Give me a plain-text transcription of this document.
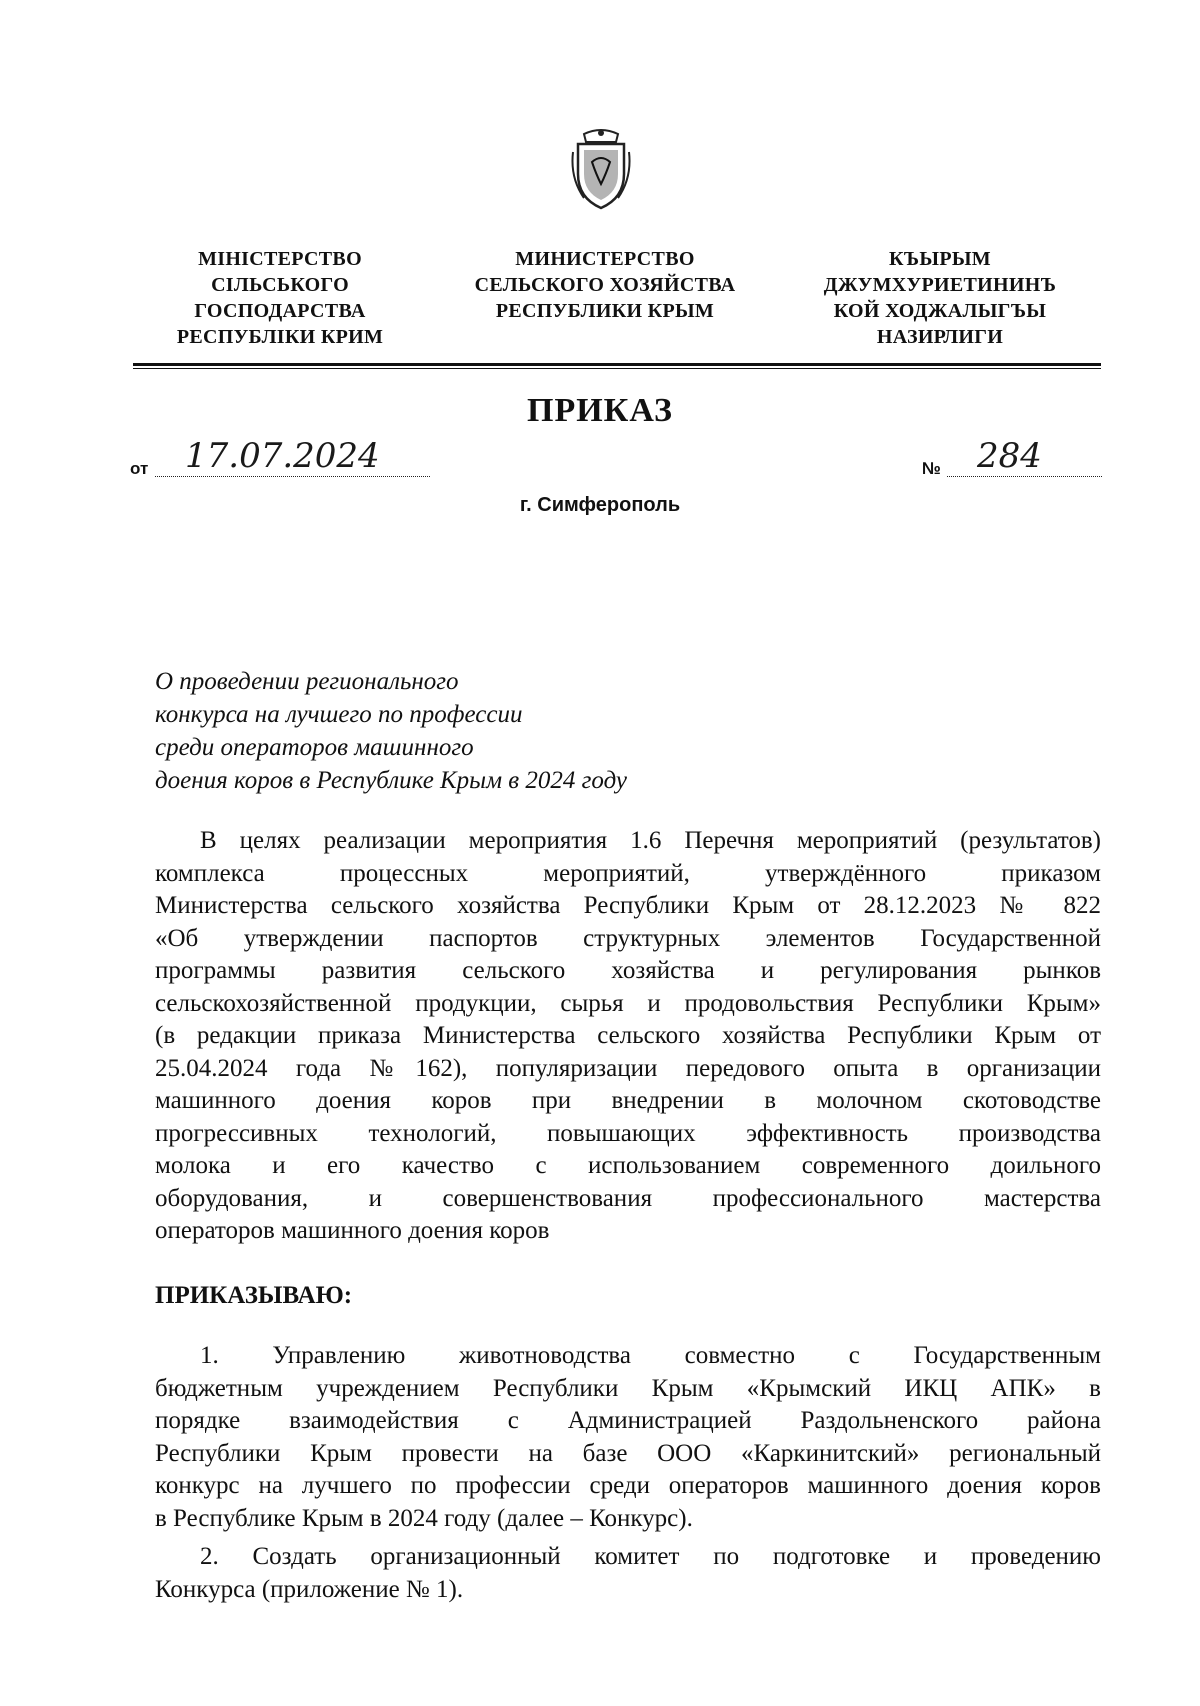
МІНІСТЕРСТВО
СІЛЬСЬКОГО
ГОСПОДАРСТВА
РЕСПУБЛІКИ КРИМ
МИНИСТЕРСТВО
СЕЛЬСКОГО ХОЗЯЙСТВА
РЕСПУБЛИКИ КРЫМ
КЪЫРЫМ
ДЖУМХУРИЕТИНИНЪ
КОЙ ХОДЖАЛЫГЪЫ
НАЗИРЛИГИ
ПРИКАЗ
от	17.07.2024	№	284
г. Симферополь
О проведении регионального
конкурса на лучшего по профессии
среди операторов машинного
доения коров в Республике Крым в 2024 году
В целях реализации мероприятия 1.6 Перечня мероприятий (результатов)
комплекса процессных мероприятий, утверждённого приказом
Министерства сельского хозяйства Республики Крым от 28.12.2023 № 822
«Об утверждении паспортов структурных элементов Государственной
программы развития сельского хозяйства и регулирования рынков
сельскохозяйственной продукции, сырья и продовольствия Республики Крым»
(в редакции приказа Министерства сельского хозяйства Республики Крым от
25.04.2024 года №162), популяризации передового опыта в организации
машинного доения коров при внедрении в молочном скотоводстве
прогрессивных технологий, повышающих эффективность производства
молока и его качество с использованием современного доильного
оборудования, и совершенствования профессионального мастерства
операторов машинного доения коров
ПРИКАЗЫВАЮ:
1. Управлению животноводства совместно с Государственным
бюджетным учреждением Республики Крым «Крымский ИКЦ АПК» в
порядке взаимодействия с Администрацией Раздольненского района
Республики Крым провести на базе ООО «Каркинитский» региональный
конкурс на лучшего по профессии среди операторов машинного доения коров
в Республике Крым в 2024 году (далее – Конкурс).
2. Создать организационный комитет по подготовке и проведению
Конкурса (приложение № 1).
